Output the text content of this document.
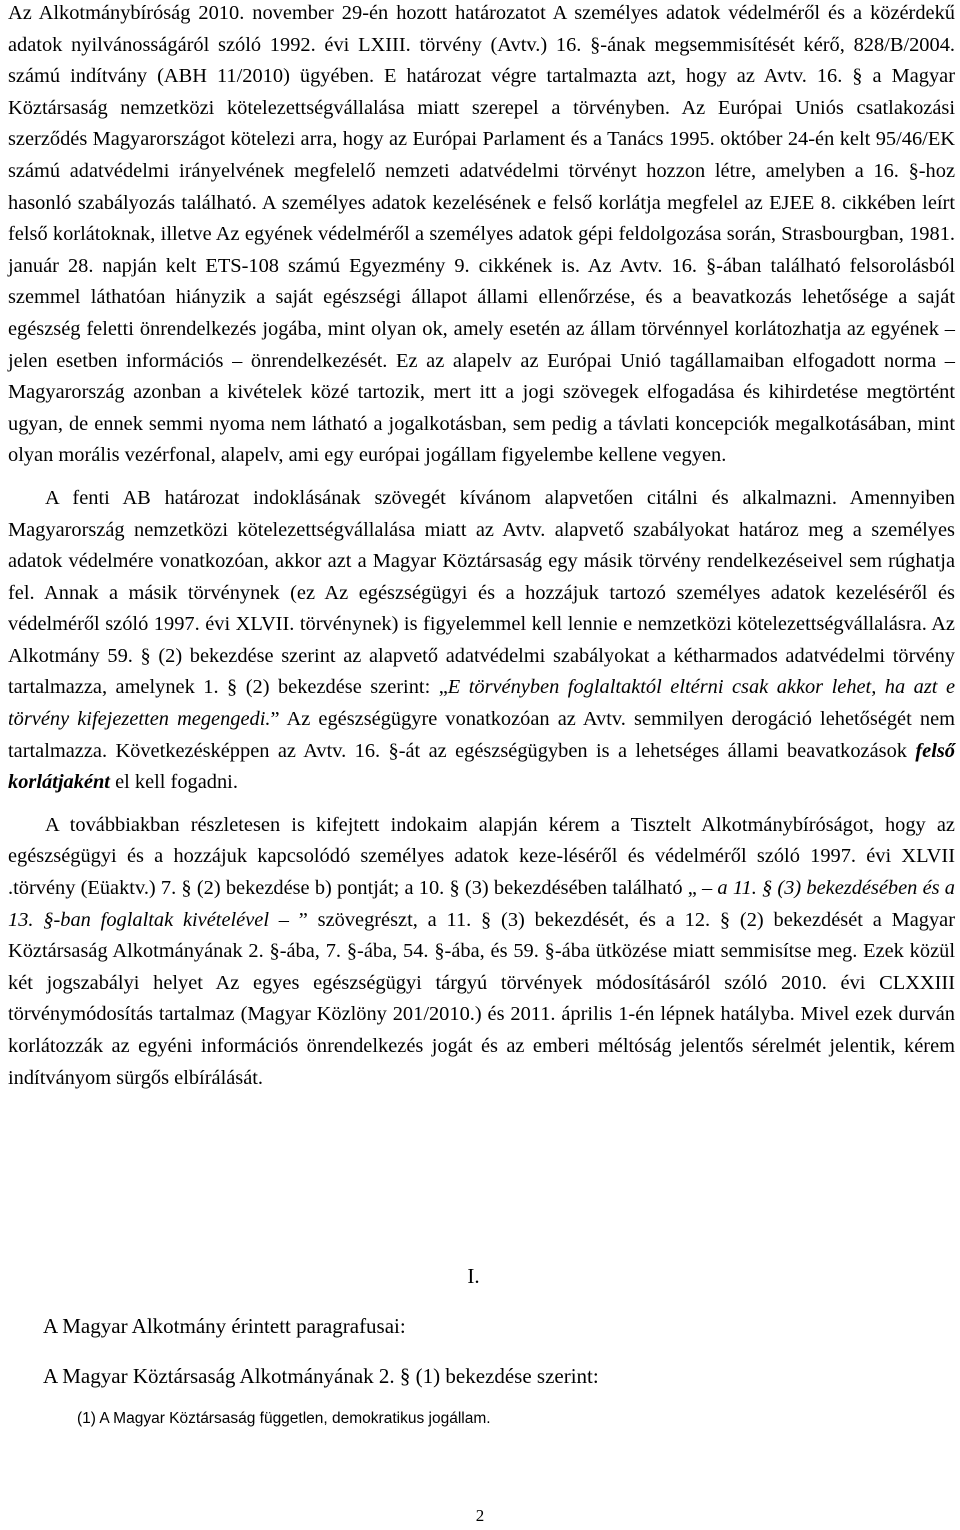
Az Alkotmánybíróság 2010. november 29-én hozott határozatot A személyes adatok védelméről és a közérdekű adatok nyilvánosságáról szóló 1992. évi LXIII. törvény (Avtv.) 16. §-ának megsemmisítését kérő, 828/B/2004. számú indítvány (ABH 11/2010) ügyében. E határozat végre tartalmazta azt, hogy az Avtv. 16. § a Magyar Köztársaság nemzetközi kötelezettségvállalása miatt szerepel a törvényben. Az Európai Uniós csatlakozási szerződés Magyarországot kötelezi arra, hogy az Európai Parlament és a Tanács 1995. október 24-én kelt 95/46/EK számú adatvédelmi irányelvének megfelelő nemzeti adatvédelmi törvényt hozzon létre, amelyben a 16. §-hoz hasonló szabályozás található. A személyes adatok kezelésének e felső korlátja megfelel az EJEE 8. cikkében leírt felső korlátoknak, illetve Az egyének védelméről a személyes adatok gépi feldolgozása során, Strasbourgban, 1981. január 28. napján kelt ETS-108 számú Egyezmény 9. cikkének is. Az Avtv. 16. §-ában található felsorolásból szemmel láthatóan hiányzik a saját egészségi állapot állami ellenőrzése, és a beavatkozás lehetősége a saját egészség feletti önrendelkezés jogába, mint olyan ok, amely esetén az állam törvénnyel korlátozhatja az egyének – jelen esetben információs – önrendelkezését. Ez az alapelv az Európai Unió tagállamaiban elfogadott norma – Magyarország azonban a kivételek közé tartozik, mert itt a jogi szövegek elfogadása és kihirdetése megtörtént ugyan, de ennek semmi nyoma nem látható a jogalkotásban, sem pedig a távlati koncepciók megalkotásában, mint olyan morális vezérfonal, alapelv, ami egy európai jogállam figyelembe kellene vegyen.

A fenti AB határozat indoklásának szövegét kívánom alapvetően citálni és alkalmazni. Amennyiben Magyarország nemzetközi kötelezettségvállalása miatt az Avtv. alapvető szabályokat határoz meg a személyes adatok védelmére vonatkozóan, akkor azt a Magyar Köztársaság egy másik törvény rendelkezéseivel sem rúghatja fel. Annak a másik törvénynek (ez Az egészségügyi és a hozzájuk tartozó személyes adatok kezeléséről és védelméről szóló 1997. évi XLVII. törvénynek) is figyelemmel kell lennie e nemzetközi kötelezettségvállalásra. Az Alkotmány 59. § (2) bekezdése szerint az alapvető adatvédelmi szabályokat a kétharmados adatvédelmi törvény tartalmazza, amelynek 1. § (2) bekezdése szerint: „E törvényben foglaltaktól eltérni csak akkor lehet, ha azt e törvény kifejezetten megengedi.” Az egészségügyre vonatkozóan az Avtv. semmilyen derogáció lehetőségét nem tartalmazza. Következésképpen az Avtv. 16. §-át az egészségügyben is a lehetséges állami beavatkozások felső korlátjaként el kell fogadni.

A továbbiakban részletesen is kifejtett indokaim alapján kérem a Tisztelt Alkotmánybíróságot, hogy az egészségügyi és a hozzájuk kapcsolódó személyes adatok keze-léséről és védelméről szóló 1997. évi XLVII .törvény (Eüaktv.) 7. § (2) bekezdése b) pontját; a 10. § (3) bekezdésében található „ – a 11. § (3) bekezdésében és a 13. §-ban foglaltak kivételével – ” szövegrészt, a 11. § (3) bekezdését, és a 12. § (2) bekezdését a Magyar Köztársaság Alkotmányának 2. §-ába, 7. §-ába, 54. §-ába, és 59. §-ába ütközése miatt semmisítse meg. Ezek közül két jogszabályi helyet Az egyes egészségügyi tárgyú törvények módosításáról szóló 2010. évi CLXXIII törvénymódosítás tartalmaz (Magyar Közlöny 201/2010.) és 2011. április 1-én lépnek hatályba. Mivel ezek durván korlátozzák az egyéni információs önrendelkezés jogát és az emberi méltóság jelentős sérelmét jelentik, kérem indítványom sürgős elbírálását.

I.

A Magyar Alkotmány érintett paragrafusai:

A Magyar Köztársaság Alkotmányának 2. § (1) bekezdése szerint:

(1) A Magyar Köztársaság független, demokratikus jogállam.

2
